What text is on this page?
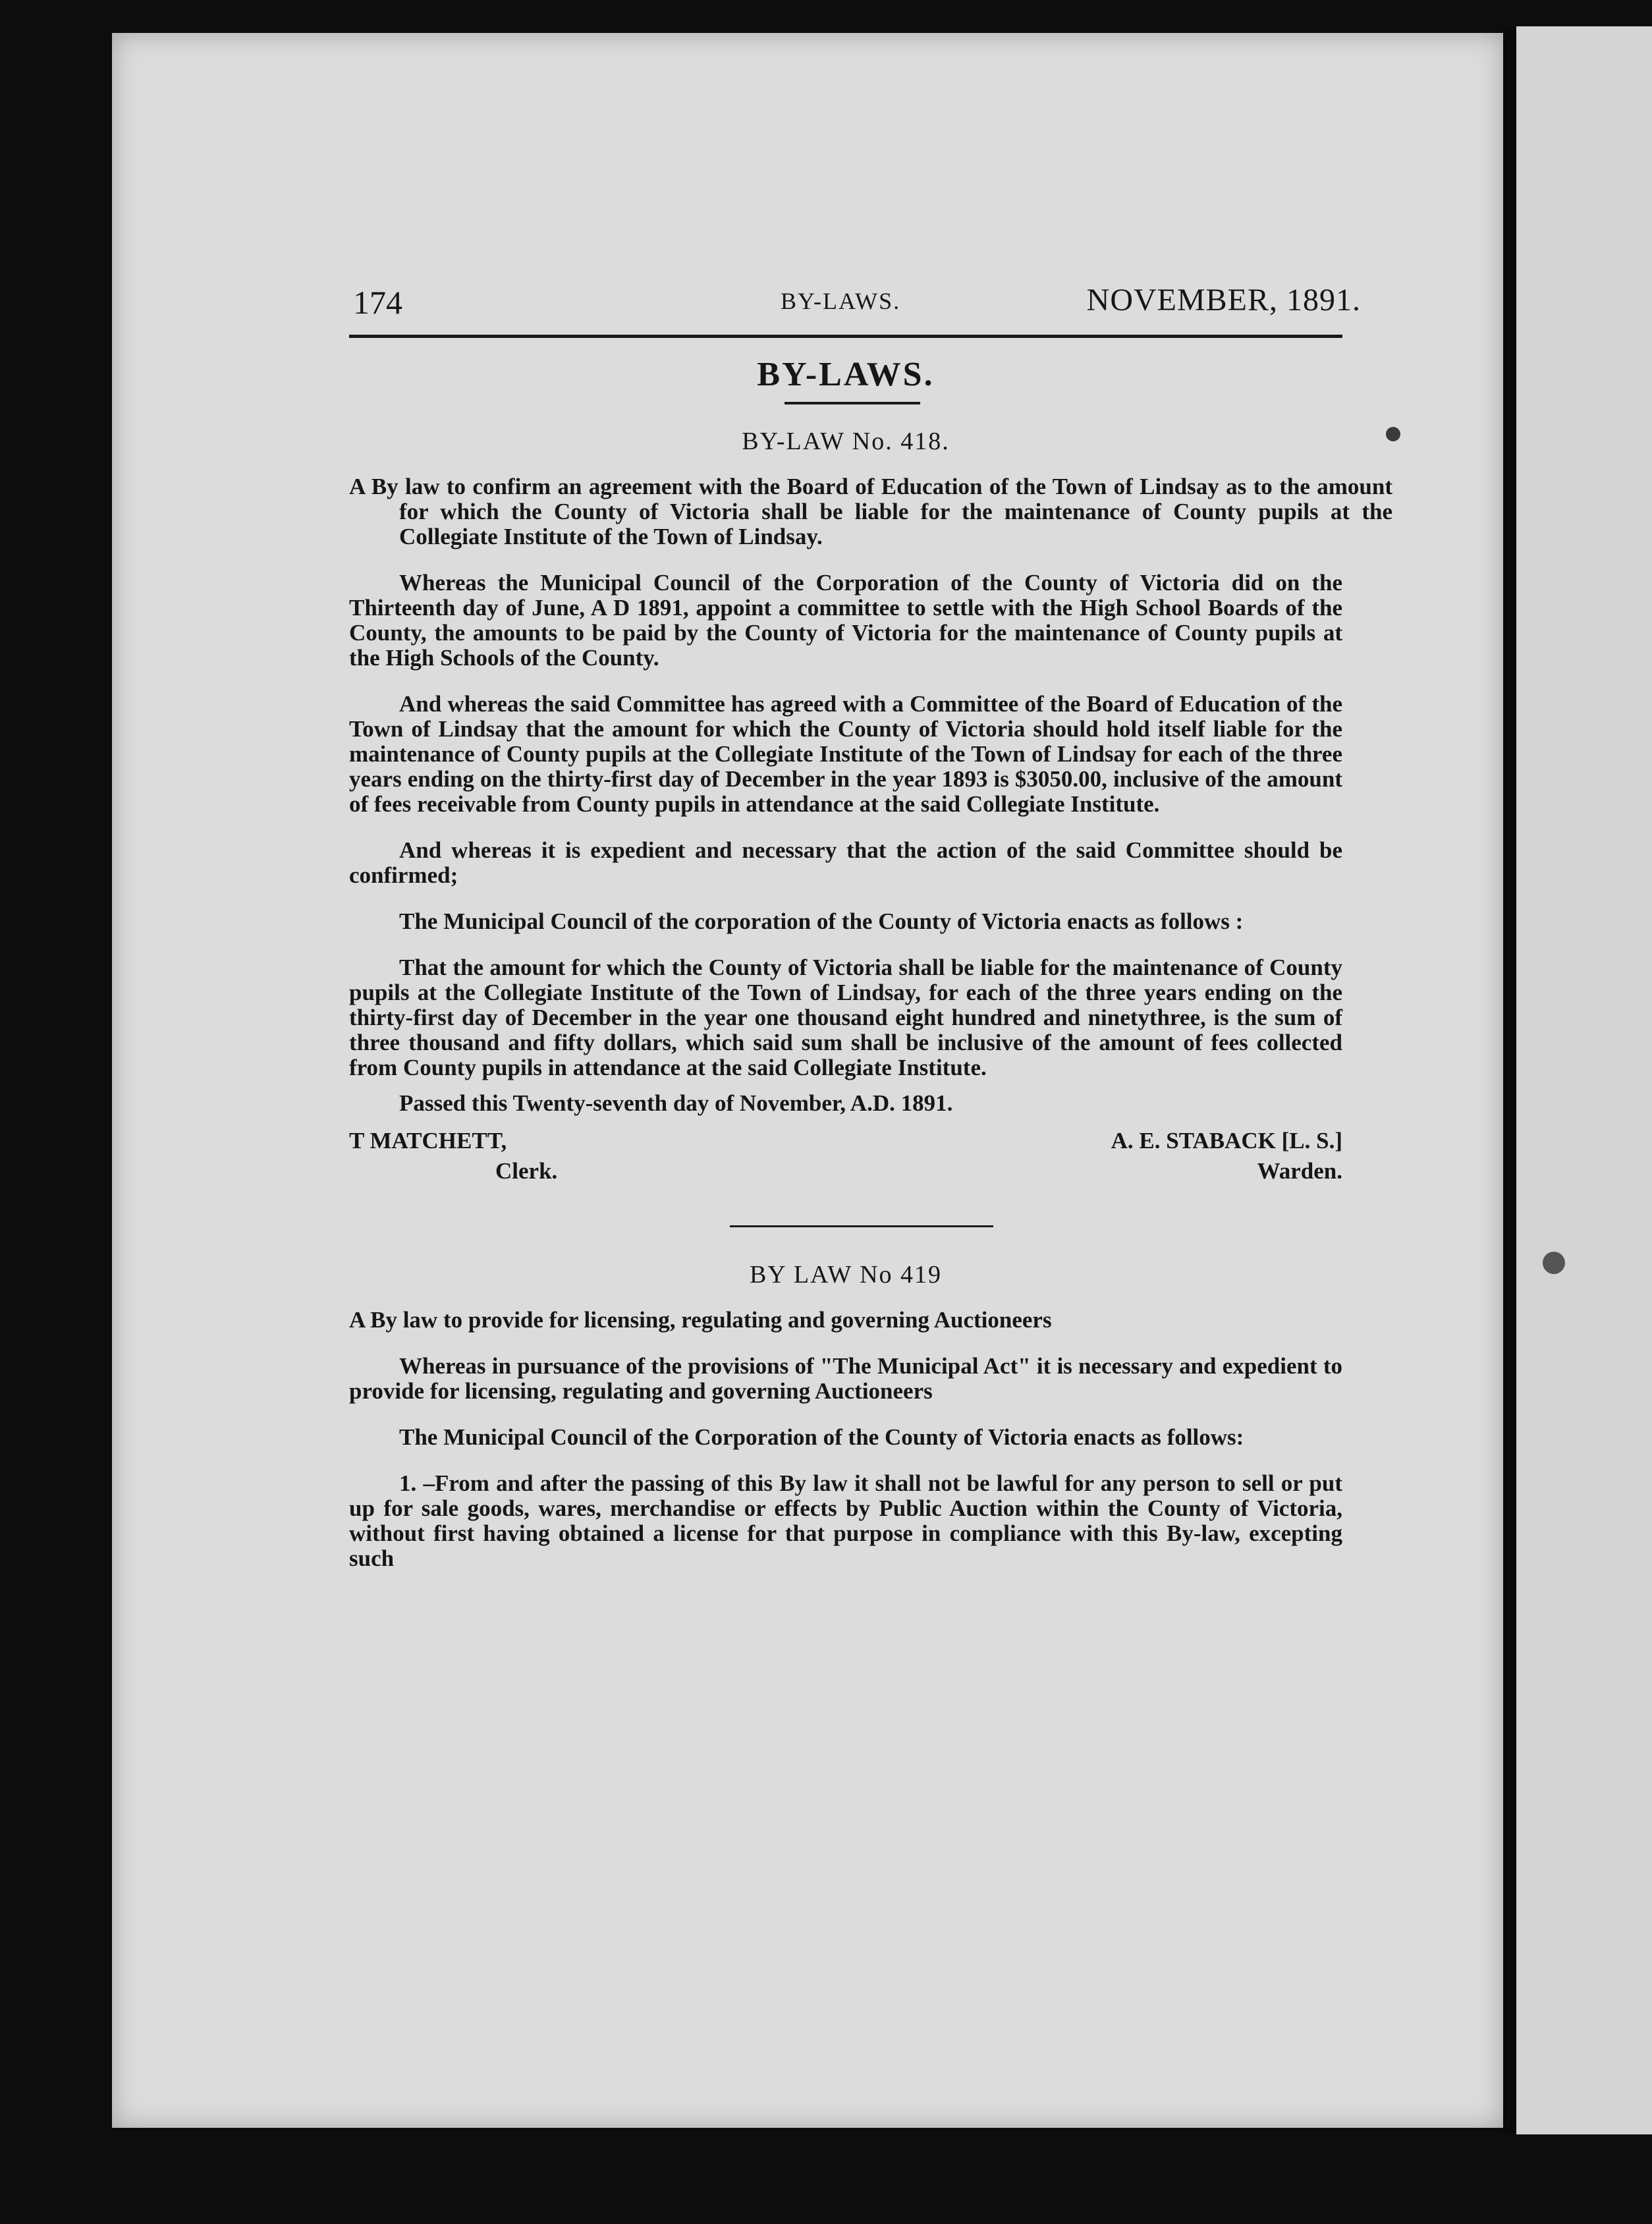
174	BY-LAWS.	NOVEMBER, 1891.
BY-LAWS.
BY-LAW No. 418.

A By law to confirm an agreement with the Board of Education of the Town of Lindsay as to the amount for which the County of Victoria shall be liable for the maintenance of County pupils at the Collegiate Institute of the Town of Lindsay.

Whereas the Municipal Council of the Corporation of the County of Victoria did on the Thirteenth day of June, A D 1891, appoint a committee to settle with the High School Boards of the County, the amounts to be paid by the County of Victoria for the maintenance of County pupils at the High Schools of the County.

And whereas the said Committee has agreed with a Committee of the Board of Education of the Town of Lindsay that the amount for which the County of Victoria should hold itself liable for the maintenance of County pupils at the Collegiate Institute of the Town of Lindsay for each of the three years ending on the thirty-first day of December in the year 1893 is $3050.00, inclusive of the amount of fees receivable from County pupils in attendance at the said Collegiate Institute.

And whereas it is expedient and necessary that the action of the said Committee should be confirmed;

The Municipal Council of the corporation of the County of Victoria enacts as follows :

That the amount for which the County of Victoria shall be liable for the maintenance of County pupils at the Collegiate Institute of the Town of Lindsay, for each of the three years ending on the thirty-first day of December in the year one thousand eight hundred and ninetythree, is the sum of three thousand and fifty dollars, which said sum shall be inclusive of the amount of fees collected from County pupils in attendance at the said Collegiate Institute.

Passed this Twenty-seventh day of November, A.D. 1891.

T MATCHETT,
Clerk.
A. E. STABACK [L. S.]
Warden.
BY LAW No 419

A By law to provide for licensing, regulating and governing Auctioneers

Whereas in pursuance of the provisions of "The Municipal Act" it is necessary and expedient to provide for licensing, regulating and governing Auctioneers

The Municipal Council of the Corporation of the County of Victoria enacts as follows:

1. –From and after the passing of this By law it shall not be lawful for any person to sell or put up for sale goods, wares, merchandise or effects by Public Auction within the County of Victoria, without first having obtained a license for that purpose in compliance with this By-law, excepting such
